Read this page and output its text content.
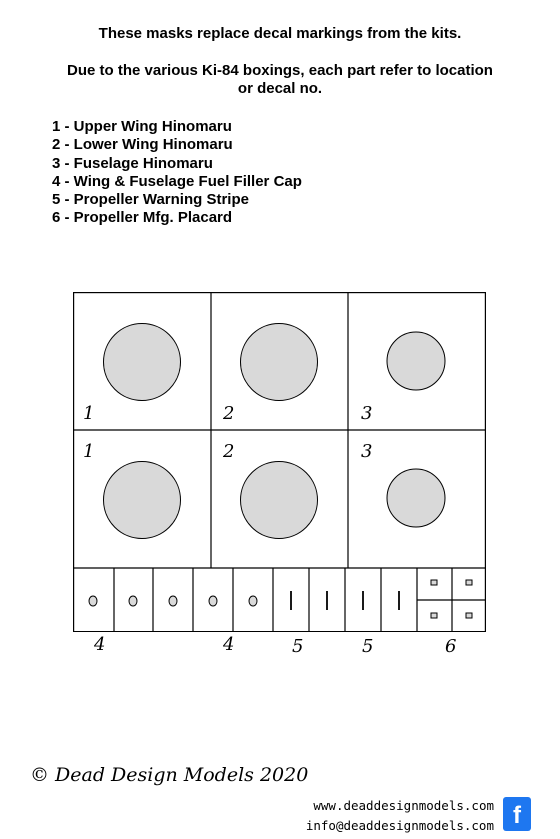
These masks replace decal markings from the kits.
Due to the various Ki-84 boxings, each part refer to location
or decal no.
1 - Upper Wing Hinomaru
2 - Lower Wing Hinomaru
3 - Fuselage Hinomaru
4 - Wing & Fuselage Fuel Filler Cap
5 - Propeller Warning Stripe
6 - Propeller Mfg. Placard
1	2	3
1	2	3
4	4	5	5	6
© Dead Design Models 2020
www.deaddesignmodels.com
info@deaddesignmodels.com f
